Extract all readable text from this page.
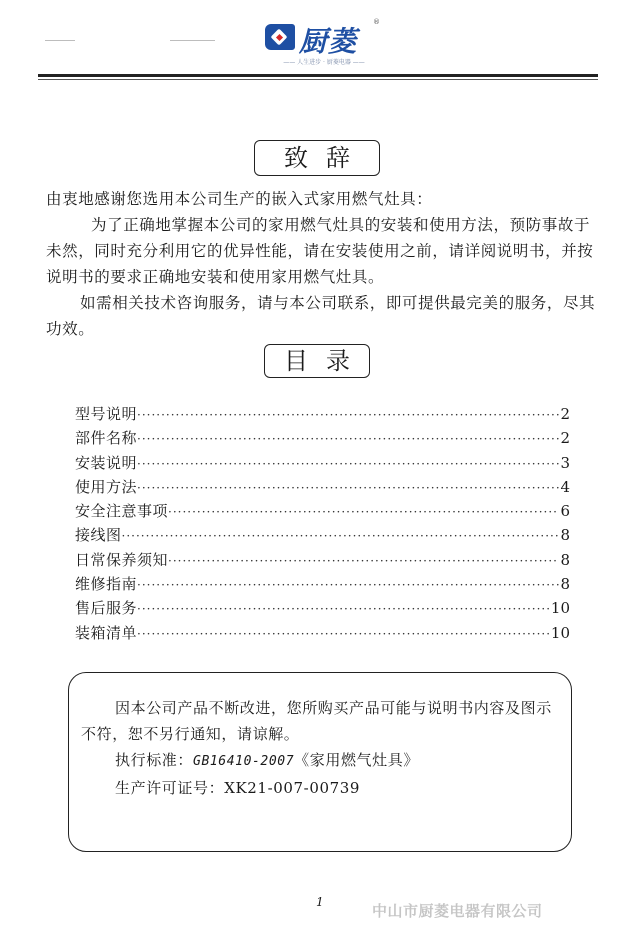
厨菱
®
—— 人生进步 · 厨菱电器 ——
致辞

由衷地感谢您选用本公司生产的嵌入式家用燃气灶具：

为了正确地掌握本公司的家用燃气灶具的安装和使用方法，预防事故于未然，同时充分利用它的优异性能，请在安装使用之前，请详阅说明书，并按说明书的要求正确地安装和使用家用燃气灶具。

如需相关技术咨询服务，请与本公司联系，即可提供最完美的服务，尽其功效。

目录
型号说明 ·····	2
部件名称 ·····	2
安装说明 ·····	3
使用方法 ·····	4
安全注意事项 ·····	6
接线图 ·····	8
日常保养须知 ·····	8
维修指南 ·····	8
售后服务 ·····	10
装箱清单 ·····	10

因本公司产品不断改进，您所购买产品可能与说明书内容及图示不符，恕不另行通知，请谅解。

执行标准：GB16410-2007《家用燃气灶具》

生产许可证号：XK21-007-00739

1	中山市厨菱电器有限公司
